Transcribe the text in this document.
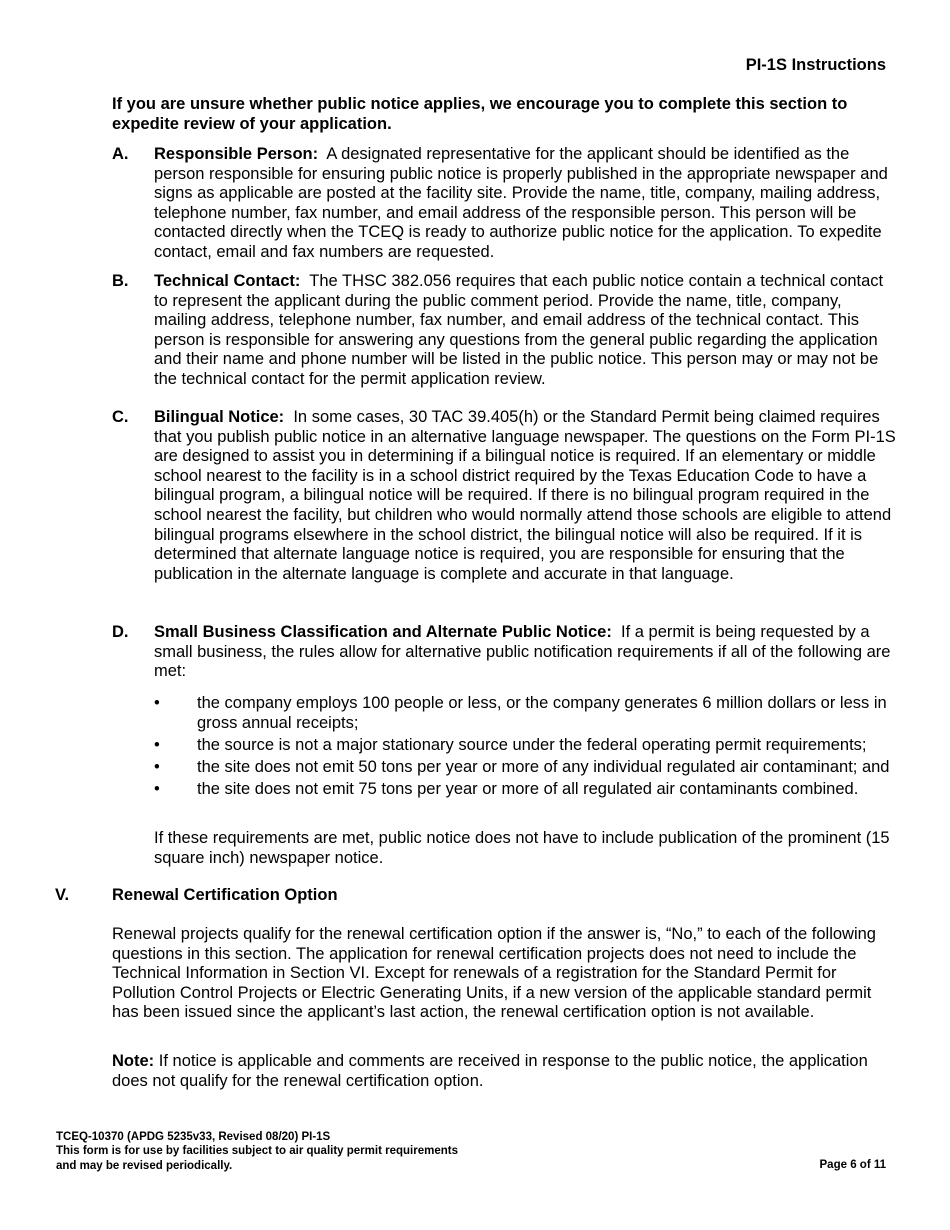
PI-1S Instructions
If you are unsure whether public notice applies, we encourage you to complete this section to expedite review of your application.
A. Responsible Person: A designated representative for the applicant should be identified as the person responsible for ensuring public notice is properly published in the appropriate newspaper and signs as applicable are posted at the facility site. Provide the name, title, company, mailing address, telephone number, fax number, and email address of the responsible person. This person will be contacted directly when the TCEQ is ready to authorize public notice for the application. To expedite contact, email and fax numbers are requested.
B. Technical Contact: The THSC 382.056 requires that each public notice contain a technical contact to represent the applicant during the public comment period. Provide the name, title, company, mailing address, telephone number, fax number, and email address of the technical contact. This person is responsible for answering any questions from the general public regarding the application and their name and phone number will be listed in the public notice. This person may or may not be the technical contact for the permit application review.
C. Bilingual Notice: In some cases, 30 TAC 39.405(h) or the Standard Permit being claimed requires that you publish public notice in an alternative language newspaper. The questions on the Form PI-1S are designed to assist you in determining if a bilingual notice is required. If an elementary or middle school nearest to the facility is in a school district required by the Texas Education Code to have a bilingual program, a bilingual notice will be required. If there is no bilingual program required in the school nearest the facility, but children who would normally attend those schools are eligible to attend bilingual programs elsewhere in the school district, the bilingual notice will also be required. If it is determined that alternate language notice is required, you are responsible for ensuring that the publication in the alternate language is complete and accurate in that language.
D. Small Business Classification and Alternate Public Notice: If a permit is being requested by a small business, the rules allow for alternative public notification requirements if all of the following are met:
• the company employs 100 people or less, or the company generates 6 million dollars or less in gross annual receipts;
• the source is not a major stationary source under the federal operating permit requirements;
• the site does not emit 50 tons per year or more of any individual regulated air contaminant; and
• the site does not emit 75 tons per year or more of all regulated air contaminants combined.
If these requirements are met, public notice does not have to include publication of the prominent (15 square inch) newspaper notice.
V.	Renewal Certification Option
Renewal projects qualify for the renewal certification option if the answer is, “No,” to each of the following questions in this section. The application for renewal certification projects does not need to include the Technical Information in Section VI. Except for renewals of a registration for the Standard Permit for Pollution Control Projects or Electric Generating Units, if a new version of the applicable standard permit has been issued since the applicant’s last action, the renewal certification option is not available.
Note: If notice is applicable and comments are received in response to the public notice, the application does not qualify for the renewal certification option.
TCEQ-10370 (APDG 5235v33, Revised 08/20) PI-1S
This form is for use by facilities subject to air quality permit requirements
and may be revised periodically.	Page 6 of 11
